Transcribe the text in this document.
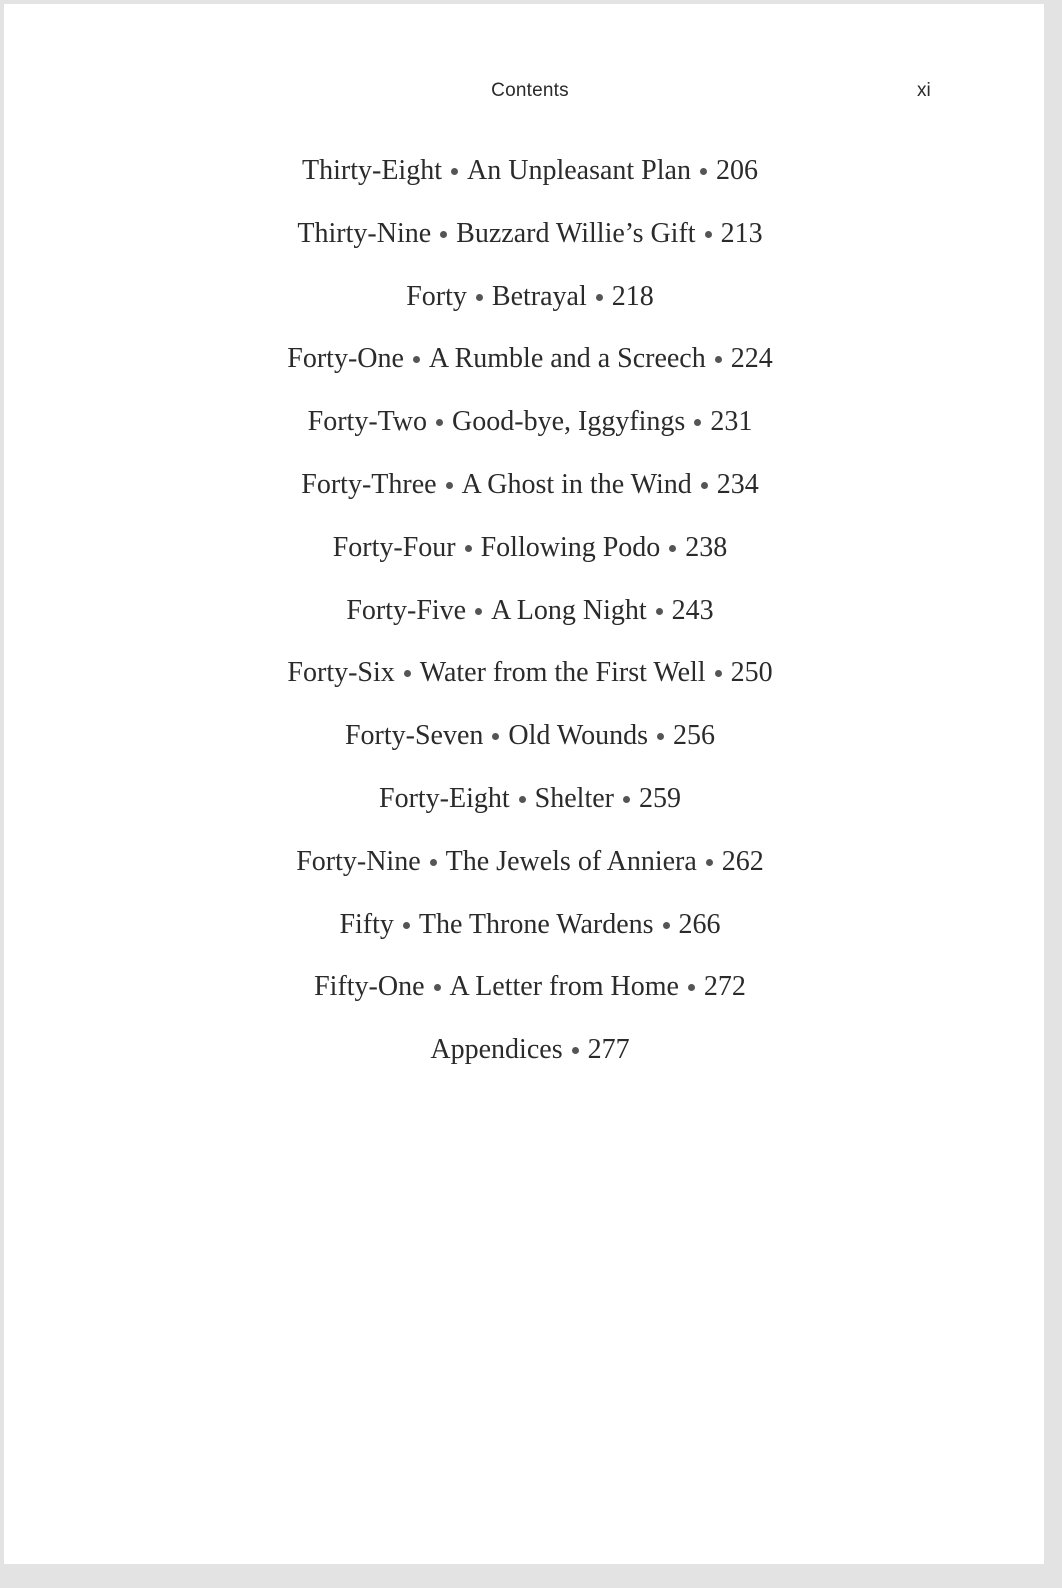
Contents	xi
Thirty-Eight An Unpleasant Plan 206
Thirty-Nine Buzzard Willie’s Gift 213
Forty Betrayal 218
Forty-One A Rumble and a Screech 224
Forty-Two Good-bye, Iggyfings 231
Forty-Three A Ghost in the Wind 234
Forty-Four Following Podo 238
Forty-Five A Long Night 243
Forty-Six Water from the First Well 250
Forty-Seven Old Wounds 256
Forty-Eight Shelter 259
Forty-Nine The Jewels of Anniera 262
Fifty The Throne Wardens 266
Fifty-One A Letter from Home 272
Appendices 277
